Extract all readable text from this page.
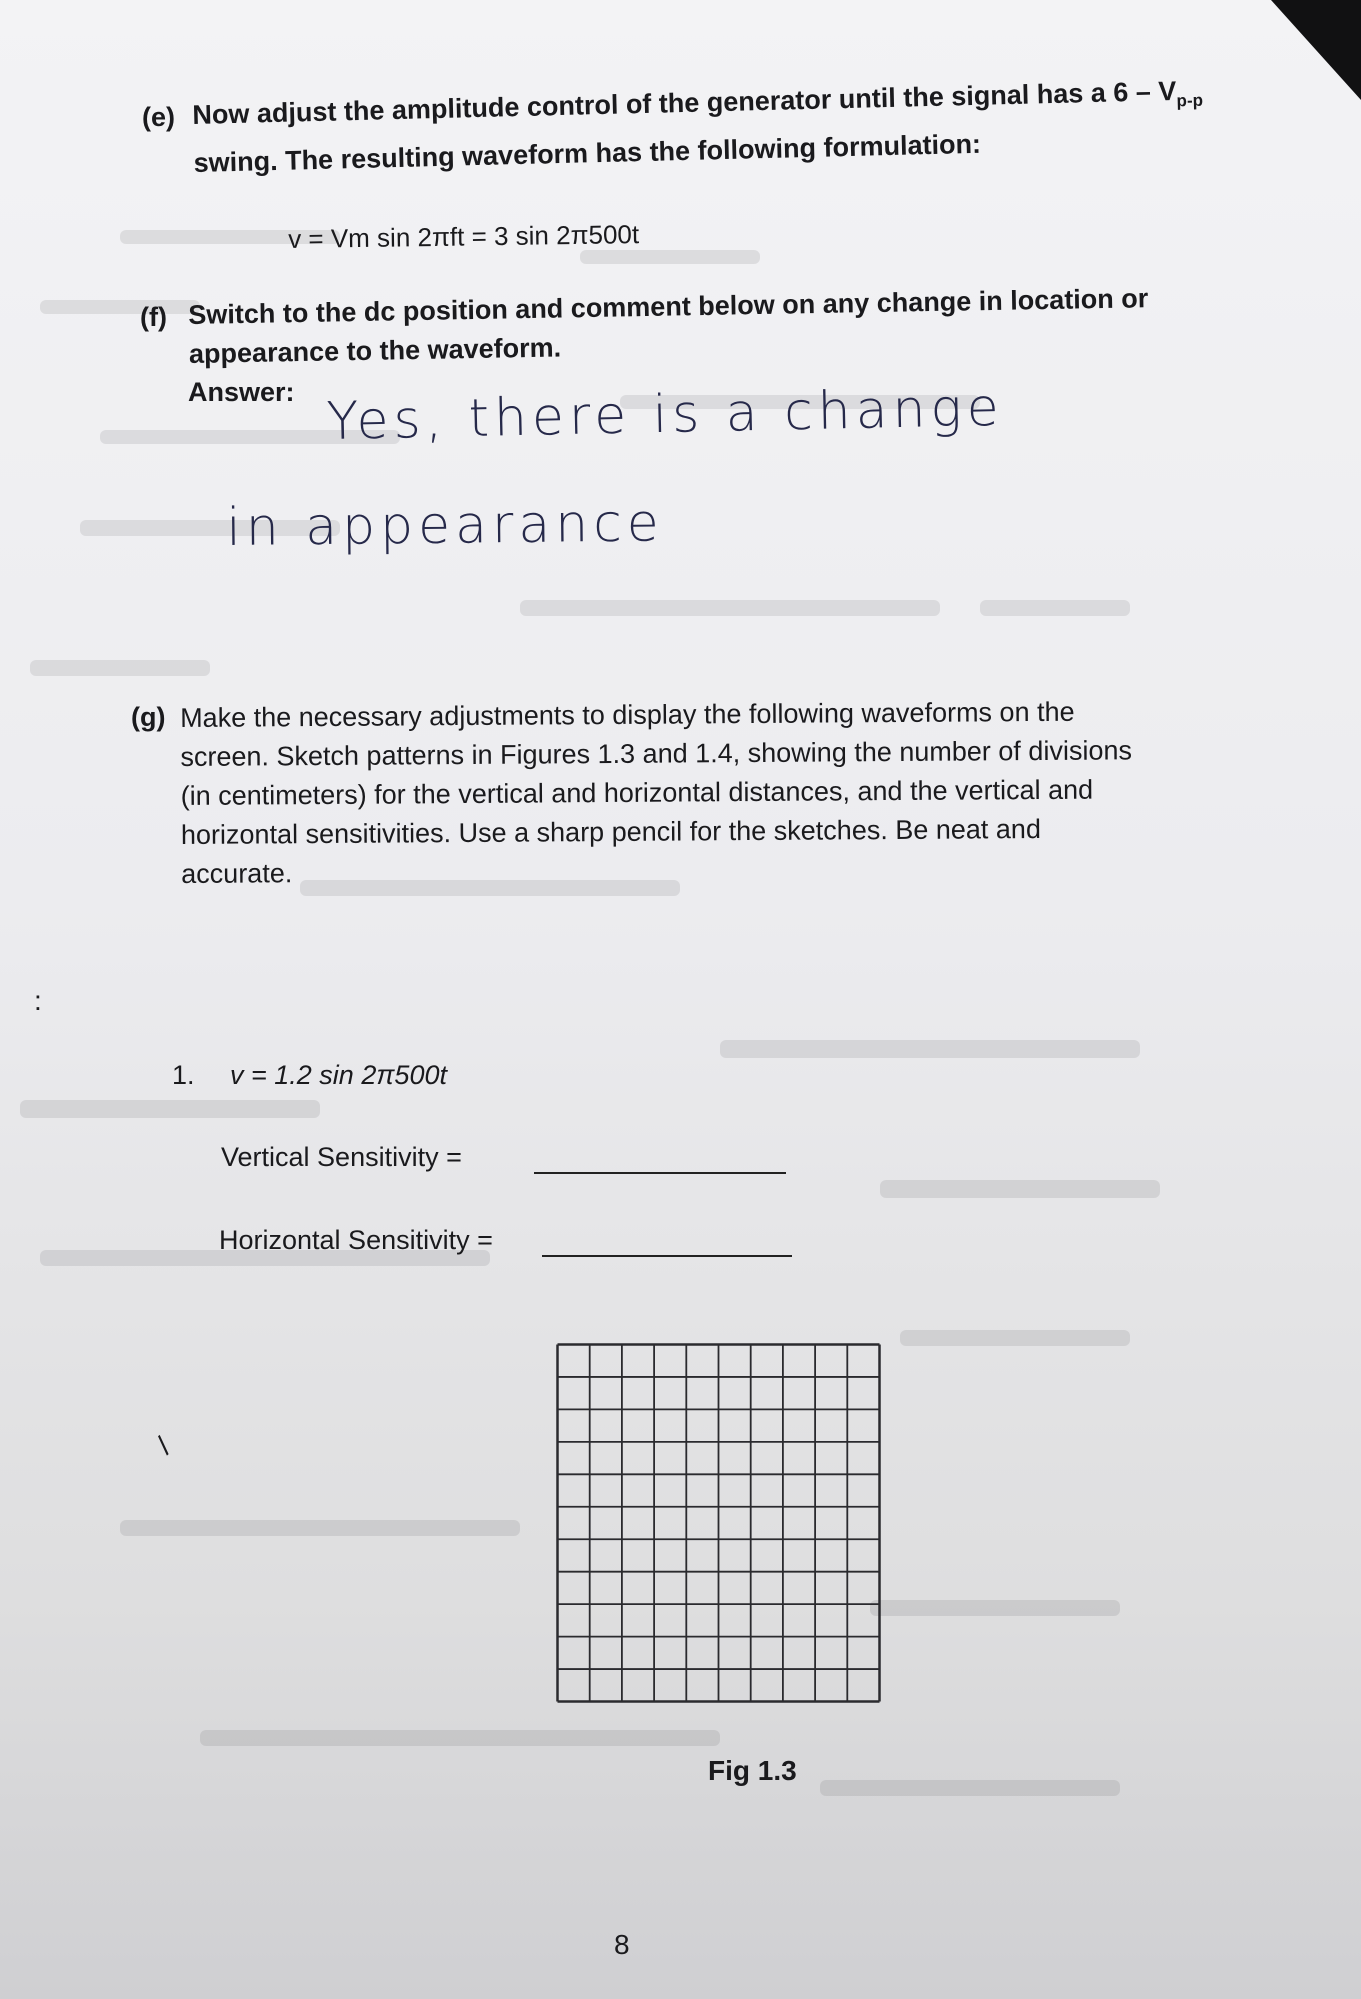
(e) Now adjust the amplitude control of the generator until the signal has a $6 - V_{p-p}$
swing. The resulting waveform has the following formulation:
v = Vm sin 2πft = 3 sin 2π500t
(f) Switch to the dc position and comment below on any change in location or
appearance to the waveform.
Answer: Yes, there is a change
in appearance
(g) Make the necessary adjustments to display the following waveforms on the
screen. Sketch patterns in Figures 1.3 and 1.4, showing the number of divisions
(in centimeters) for the vertical and horizontal distances, and the vertical and
horizontal sensitivities. Use a sharp pencil for the sketches. Be neat and
accurate.
:
1. v = 1.2 sin 2π500t
Vertical Sensitivity =
Horizontal Sensitivity =
/
Fig 1.3
8
